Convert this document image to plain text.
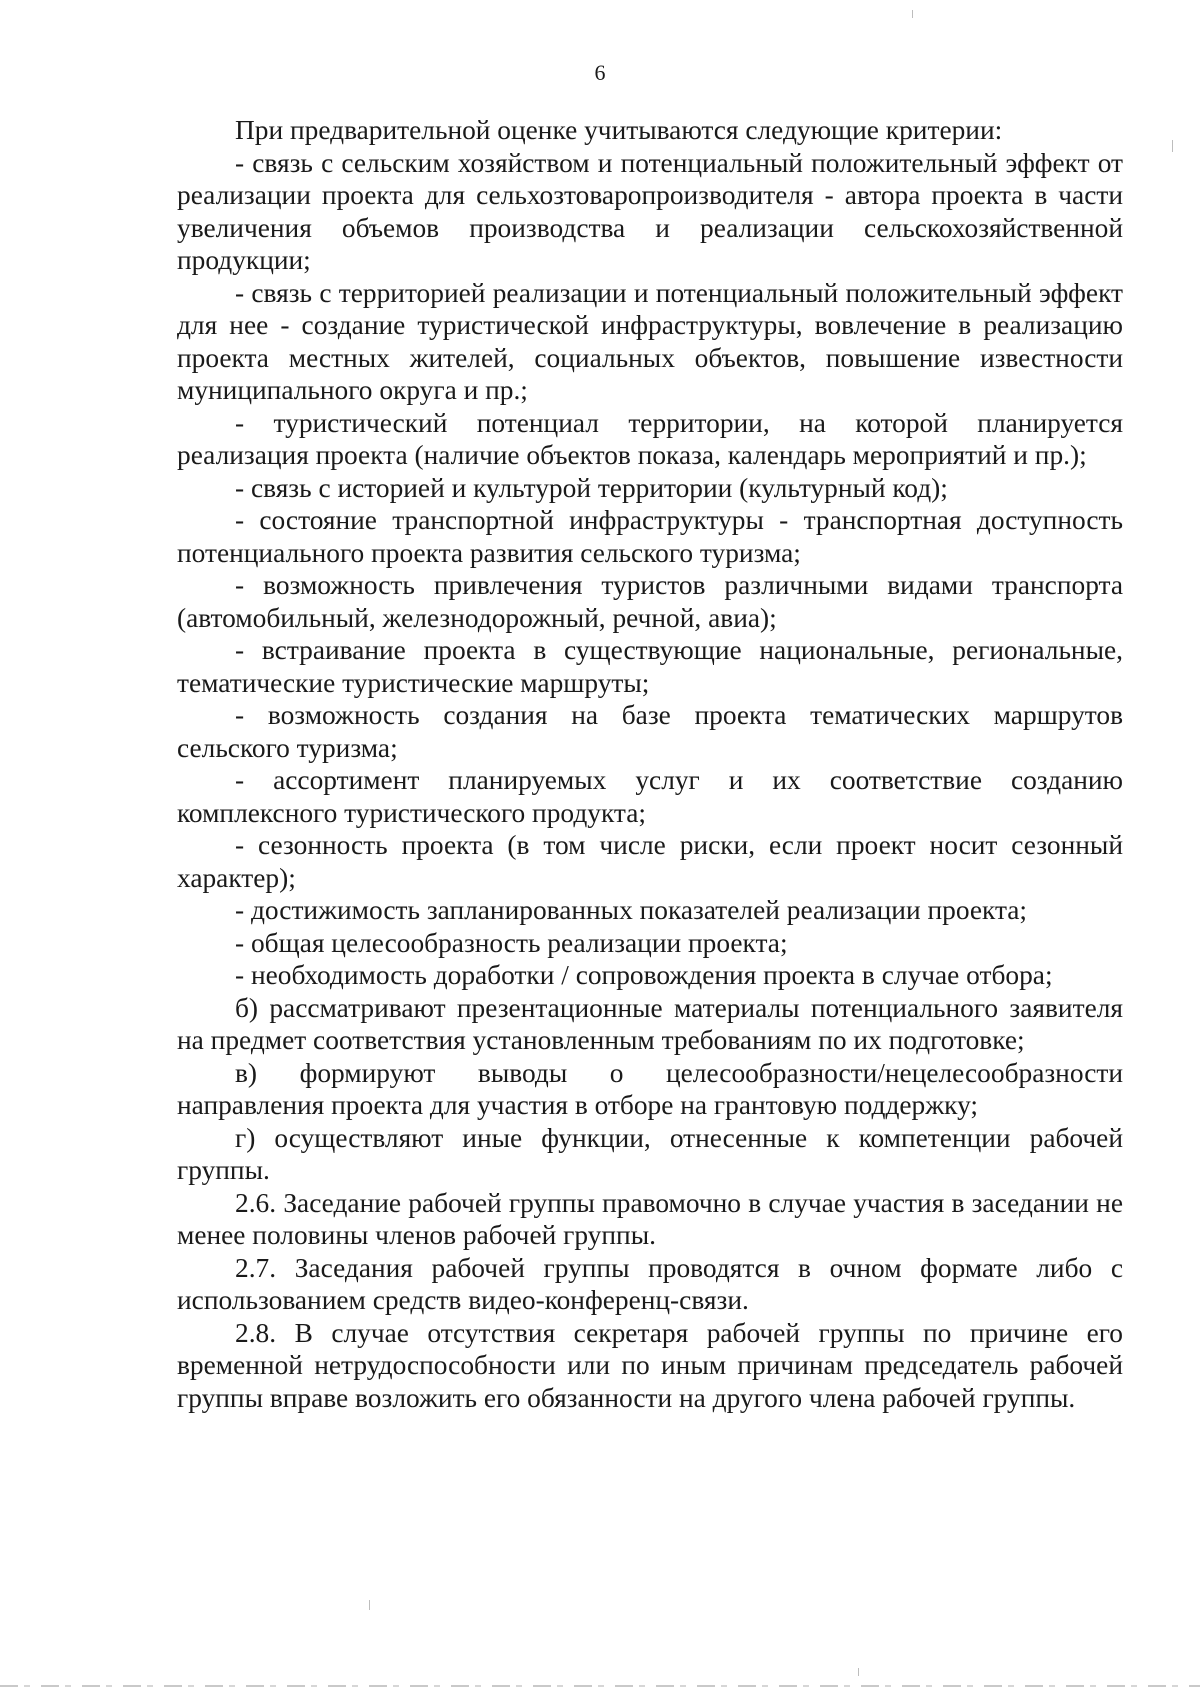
6

При предварительной оценке учитываются следующие критерии:

- связь с сельским хозяйством и потенциальный положительный эффект от реализации проекта для сельхозтоваропроизводителя - автора проекта в части увеличения объемов производства и реализации сельскохозяйственной продукции;

- связь с территорией реализации и потенциальный положительный эффект для нее - создание туристической инфраструктуры, вовлечение в реализацию проекта местных жителей, социальных объектов, повышение известности муниципального округа и пр.;

- туристический потенциал территории, на которой планируется реализация проекта (наличие объектов показа, календарь мероприятий и пр.);

- связь с историей и культурой территории (культурный код);

- состояние транспортной инфраструктуры - транспортная доступность потенциального проекта развития сельского туризма;

- возможность привлечения туристов различными видами транспорта (автомобильный, железнодорожный, речной, авиа);

- встраивание проекта в существующие национальные, региональные, тематические туристические маршруты;

- возможность создания на базе проекта тематических маршрутов сельского туризма;

- ассортимент планируемых услуг и их соответствие созданию комплексного туристического продукта;

- сезонность проекта (в том числе риски, если проект носит сезонный характер);

- достижимость запланированных показателей реализации проекта;

- общая целесообразность реализации проекта;

- необходимость доработки / сопровождения проекта в случае отбора;

б) рассматривают презентационные материалы потенциального заявителя на предмет соответствия установленным требованиям по их подготовке;

в) формируют выводы о целесообразности/нецелесообразности направления проекта для участия в отборе на грантовую поддержку;

г) осуществляют иные функции, отнесенные к компетенции рабочей группы.

2.6. Заседание рабочей группы правомочно в случае участия в заседании не менее половины членов рабочей группы.

2.7. Заседания рабочей группы проводятся в очном формате либо с использованием средств видео-конференц-связи.

2.8. В случае отсутствия секретаря рабочей группы по причине его временной нетрудоспособности или по иным причинам председатель рабочей группы вправе возложить его обязанности на другого члена рабочей группы.
